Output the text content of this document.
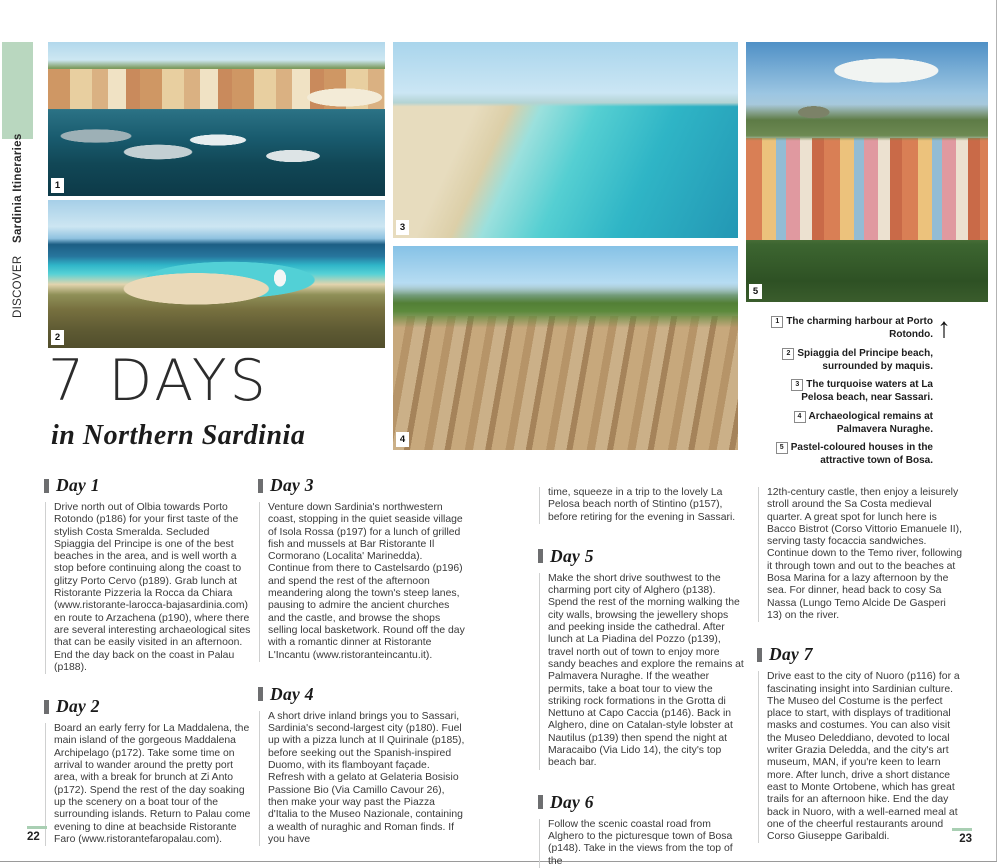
DISCOVERSardinia Itineraries	1
2
3
4
5
7 DAYS
in Northern Sardinia
1 The charming harbour at Porto Rotondo.
2 Spiaggia del Principe beach, surrounded by maquis.
3 The turquoise waters at La Pelosa beach, near Sassari.
4 Archaeological remains at Palmavera Nuraghe.
5 Pastel-coloured houses in the attractive town of Bosa.
↑
Day 1

Drive north out of Olbia towards Porto Rotondo (p186) for your first taste of the stylish Costa Smeralda. Secluded Spiaggia del Principe is one of the best beaches in the area, and is well worth a stop before continuing along the coast to glitzy Porto Cervo (p189). Grab lunch at Ristorante Pizzeria la Rocca da Chiara (www.ristorante-larocca-bajasardinia.com) en route to Arzachena (p190), where there are several interesting archaeological sites that can be easily visited in an afternoon. End the day back on the coast in Palau (p188).

Day 2

Board an early ferry for La Maddalena, the main island of the gorgeous Maddalena Archipelago (p172). Take some time on arrival to wander around the pretty port area, with a break for brunch at Zi Anto (p172). Spend the rest of the day soaking up the scenery on a boat tour of the surrounding islands. Return to Palau come evening to dine at beachside Ristorante Faro (www.ristorantefaropalau.com).

Day 3

Venture down Sardinia's northwestern coast, stopping in the quiet seaside village of Isola Rossa (p197) for a lunch of grilled fish and mussels at Bar Ristorante Il Cormorano (Localita' Marinedda). Continue from there to Castelsardo (p196) and spend the rest of the afternoon meandering along the town's steep lanes, pausing to admire the ancient churches and the castle, and browse the shops selling local basketwork. Round off the day with a romantic dinner at Ristorante L'Incantu (www.ristoranteincantu.it).

Day 4

A short drive inland brings you to Sassari, Sardinia's second-largest city (p180). Fuel up with a pizza lunch at Il Quirinale (p185), before seeking out the Spanish-inspired Duomo, with its flamboyant façade. Refresh with a gelato at Gelateria Bosisio Passione Bio (Via Camillo Cavour 26), then make your way past the Piazza d'Italia to the Museo Nazionale, containing a wealth of nuraghic and Roman finds. If you have

time, squeeze in a trip to the lovely La Pelosa beach north of Stintino (p157), before retiring for the evening in Sassari.

Day 5

Make the short drive southwest to the charming port city of Alghero (p138). Spend the rest of the morning walking the city walls, browsing the jewellery shops and peeking inside the cathedral. After lunch at La Piadina del Pozzo (p139), travel north out of town to enjoy more sandy beaches and explore the remains at Palmavera Nuraghe. If the weather permits, take a boat tour to view the striking rock formations in the Grotta di Nettuno at Capo Caccia (p146). Back in Alghero, dine on Catalan-style lobster at Nautilus (p139) then spend the night at Maracaibo (Via Lido 14), the city's top beach bar.

Day 6

Follow the scenic coastal road from Alghero to the picturesque town of Bosa (p148). Take in the views from the top of the

12th-century castle, then enjoy a leisurely stroll around the Sa Costa medieval quarter. A great spot for lunch here is Bacco Bistrot (Corso Vittorio Emanuele II), serving tasty focaccia sandwiches. Continue down to the Temo river, following it through town and out to the beaches at Bosa Marina for a lazy afternoon by the sea. For dinner, head back to cosy Sa Nassa (Lungo Temo Alcide De Gasperi 13) on the river.

Day 7

Drive east to the city of Nuoro (p116) for a fascinating insight into Sardinian culture. The Museo del Costume is the perfect place to start, with displays of traditional masks and costumes. You can also visit the Museo Deleddiano, devoted to local writer Grazia Deledda, and the city's art museum, MAN, if you're keen to learn more. After lunch, drive a short distance east to Monte Ortobene, which has great trails for an afternoon hike. End the day back in Nuoro, with a well-earned meal at one of the cheerful restaurants around Corso Giuseppe Garibaldi.

22	23
